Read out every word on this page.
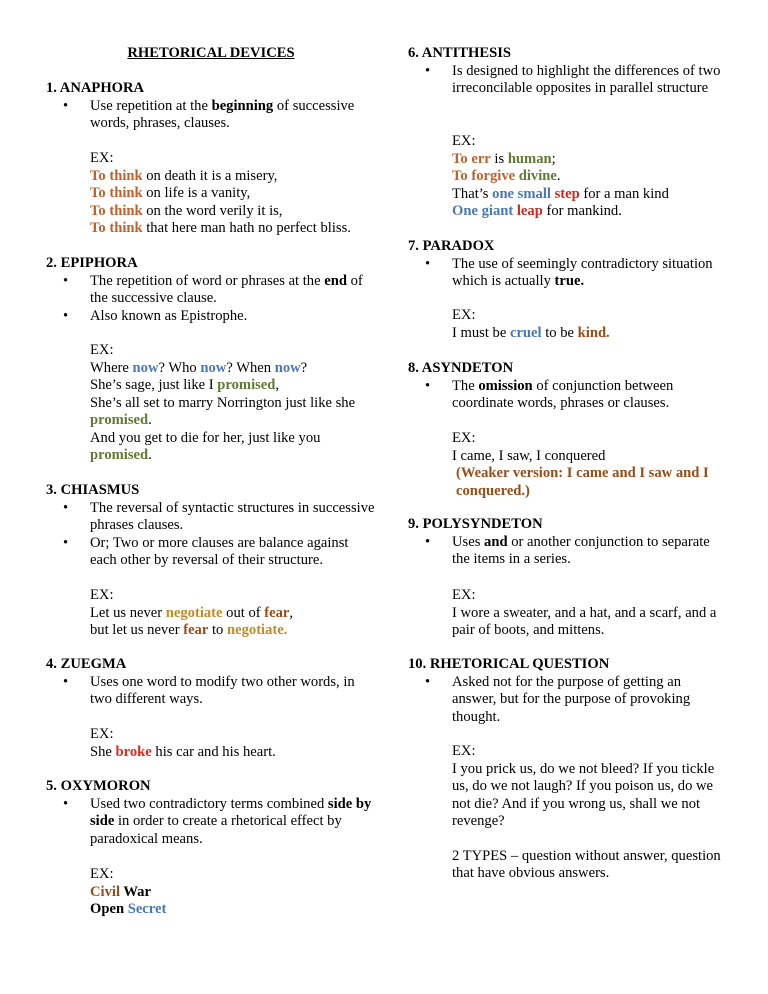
RHETORICAL DEVICES
1. ANAPHORA
• Use repetition at the beginning of successive words, phrases, clauses.
EX:
To think on death it is a misery,
To think on life is a vanity,
To think on the word verily it is,
To think that here man hath no perfect bliss.
2. EPIPHORA
• The repetition of word or phrases at the end of the successive clause.
• Also known as Epistrophe.
EX:
Where now? Who now? When now?
She’s sage, just like I promised,
She’s all set to marry Norrington just like she promised.
And you get to die for her, just like you promised.
3. CHIASMUS
• The reversal of syntactic structures in successive phrases clauses.
• Or; Two or more clauses are balance against each other by reversal of their structure.
EX:
Let us never negotiate out of fear,
but let us never fear to negotiate.
4. ZUEGMA
• Uses one word to modify two other words, in two different ways.
EX:
She broke his car and his heart.
5. OXYMORON
• Used two contradictory terms combined side by side in order to create a rhetorical effect by paradoxical means.
EX:
Civil War
Open Secret
6. ANTITHESIS
• Is designed to highlight the differences of two irreconcilable opposites in parallel structure
EX:
To err is human;
To forgive divine.
That’s one small step for a man kind
One giant leap for mankind.
7. PARADOX
• The use of seemingly contradictory situation which is actually true.
EX:
I must be cruel to be kind.
8. ASYNDETON
• The omission of conjunction between coordinate words, phrases or clauses.
EX:
I came, I saw, I conquered
(Weaker version: I came and I saw and I conquered.)
9. POLYSYNDETON
• Uses and or another conjunction to separate the items in a series.
EX:
I wore a sweater, and a hat, and a scarf, and a pair of boots, and mittens.
10. RHETORICAL QUESTION
• Asked not for the purpose of getting an answer, but for the purpose of provoking thought.
EX:
I you prick us, do we not bleed? If you tickle us, do we not laugh? If you poison us, do we not die? And if you wrong us, shall we not revenge?
2 TYPES – question without answer, question that have obvious answers.
